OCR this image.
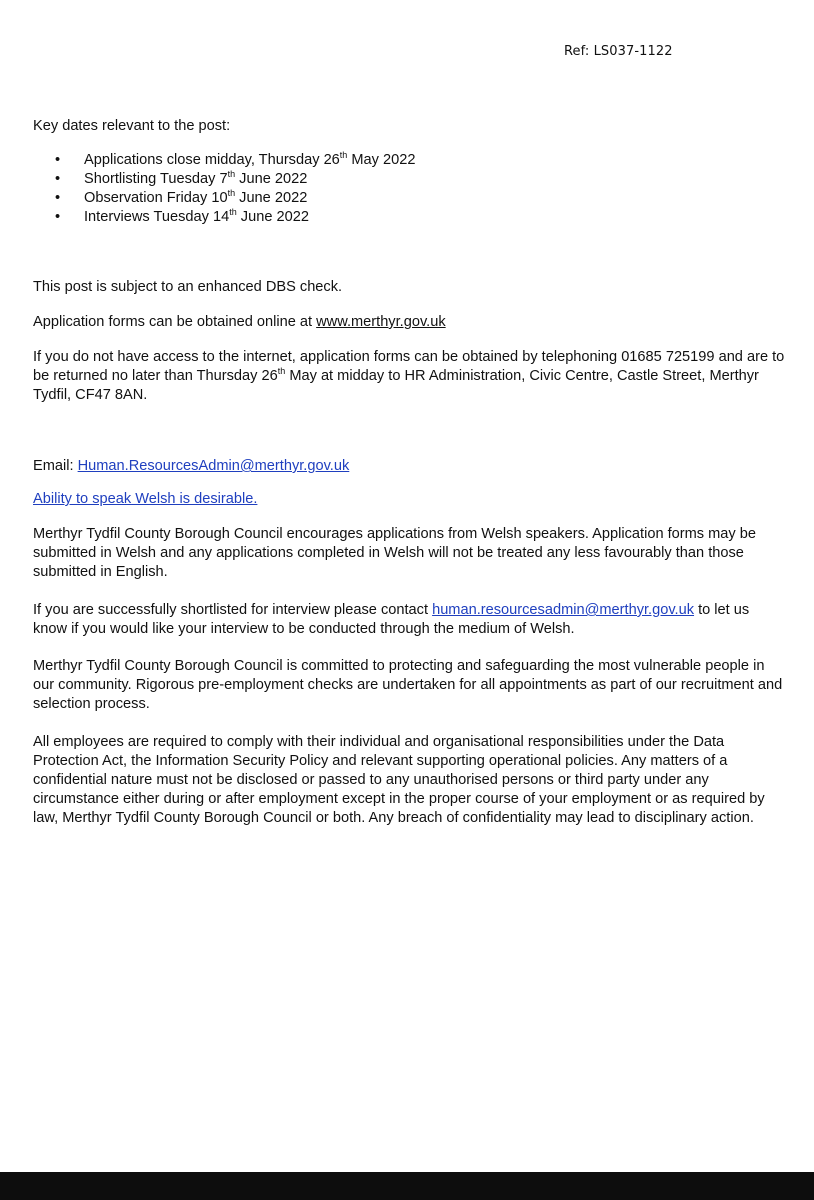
Ref: LS037-1122

Key dates relevant to the post:

• Applications close midday, Thursday 26th May 2022
• Shortlisting Tuesday 7th June 2022
• Observation Friday 10th June 2022
• Interviews Tuesday 14th June 2022

This post is subject to an enhanced DBS check.

Application forms can be obtained online at www.merthyr.gov.uk

If you do not have access to the internet, application forms can be obtained by telephoning 01685 725199 and are to be returned no later than Thursday 26th May at midday to HR Administration, Civic Centre, Castle Street, Merthyr Tydfil, CF47 8AN.

Email: Human.ResourcesAdmin@merthyr.gov.uk

Ability to speak Welsh is desirable.

Merthyr Tydfil County Borough Council encourages applications from Welsh speakers. Application forms may be submitted in Welsh and any applications completed in Welsh will not be treated any less favourably than those submitted in English.

If you are successfully shortlisted for interview please contact human.resourcesadmin@merthyr.gov.uk to let us know if you would like your interview to be conducted through the medium of Welsh.

Merthyr Tydfil County Borough Council is committed to protecting and safeguarding the most vulnerable people in our community. Rigorous pre-employment checks are undertaken for all appointments as part of our recruitment and selection process.

All employees are required to comply with their individual and organisational responsibilities under the Data Protection Act, the Information Security Policy and relevant supporting operational policies. Any matters of a confidential nature must not be disclosed or passed to any unauthorised persons or third party under any circumstance either during or after employment except in the proper course of your employment or as required by law, Merthyr Tydfil County Borough Council or both. Any breach of confidentiality may lead to disciplinary action.
